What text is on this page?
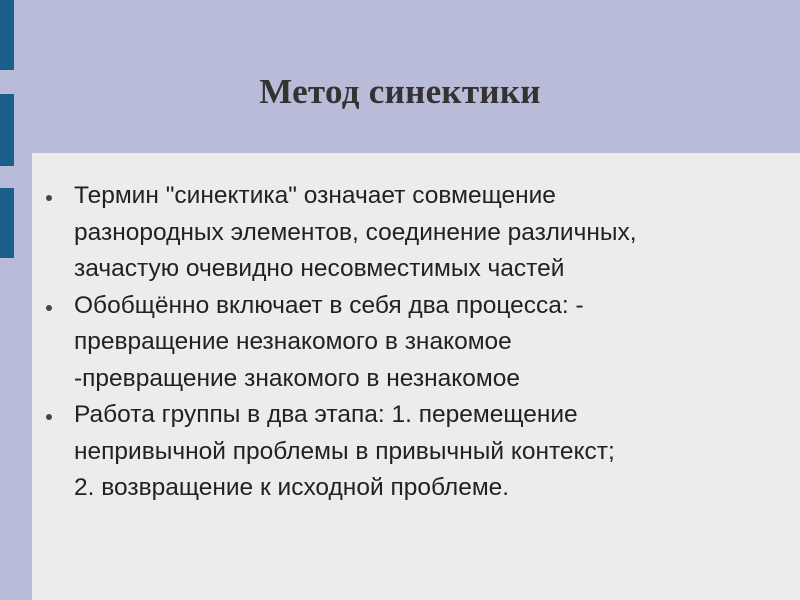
Метод синектики
Термин "синектика" означает совмещение
разнородных элементов, соединение различных,
зачастую очевидно несовместимых частей
Обобщённо включает в себя два процесса: -
превращение незнакомого в знакомое
-превращение знакомого в незнакомое
Работа группы в два этапа: 1. перемещение
непривычной проблемы в привычный контекст;
2. возвращение к исходной проблеме.
